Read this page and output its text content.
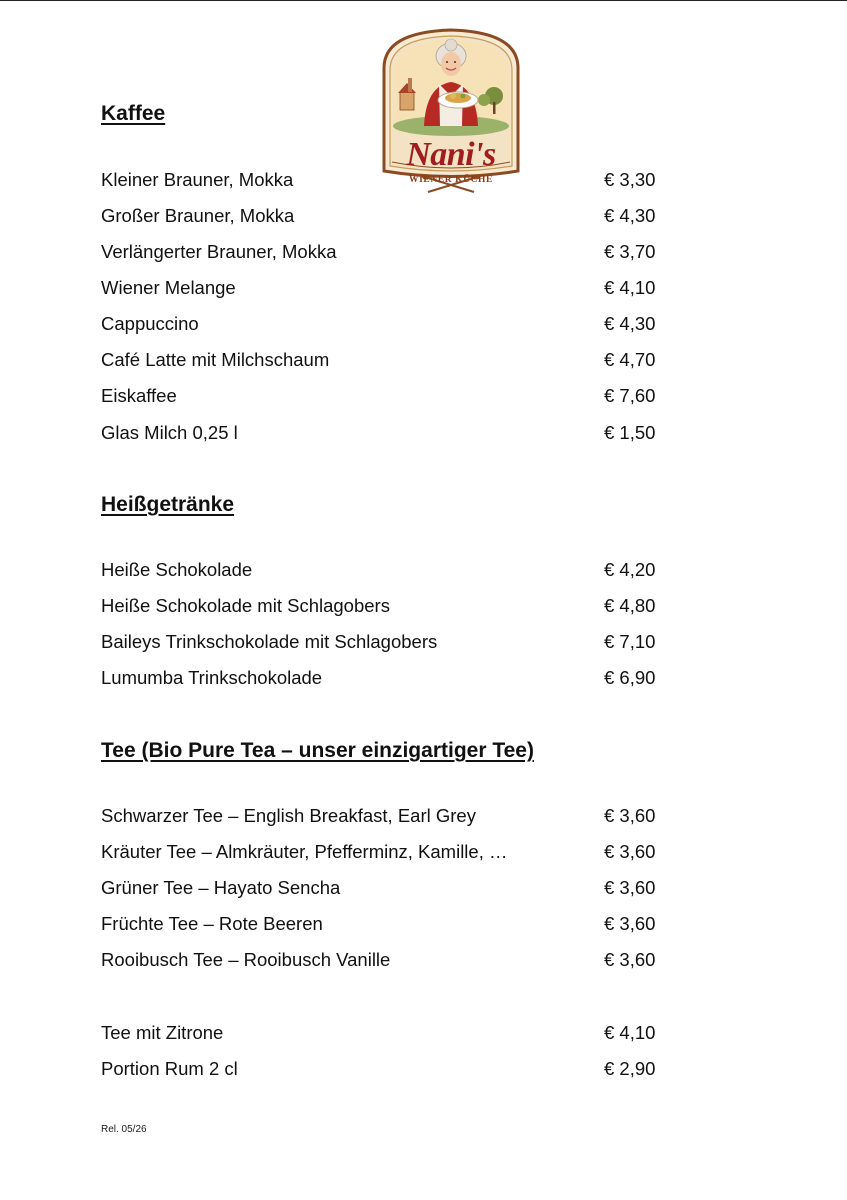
Nani's
WIENER KÜCHE
Kaffee
Kleiner Brauner, Mokka	€ 3,30
Großer Brauner, Mokka	€ 4,30
Verlängerter Brauner, Mokka	€ 3,70
Wiener Melange	€ 4,10
Cappuccino	€ 4,30
Café Latte mit Milchschaum	€ 4,70
Eiskaffee	€ 7,60
Glas Milch 0,25 l	€ 1,50
Heißgetränke
Heiße Schokolade	€ 4,20
Heiße Schokolade mit Schlagobers	€ 4,80
Baileys Trinkschokolade mit Schlagobers	€ 7,10
Lumumba Trinkschokolade	€ 6,90
Tee (Bio Pure Tea – unser einzigartiger Tee)
Schwarzer Tee – English Breakfast, Earl Grey	€ 3,60
Kräuter Tee – Almkräuter, Pfefferminz, Kamille, …	€ 3,60
Grüner Tee – Hayato Sencha	€ 3,60
Früchte Tee – Rote Beeren	€ 3,60
Rooibusch Tee – Rooibusch Vanille	€ 3,60
Tee mit Zitrone	€ 4,10
Portion Rum 2 cl	€ 2,90
Rel. 05/26
